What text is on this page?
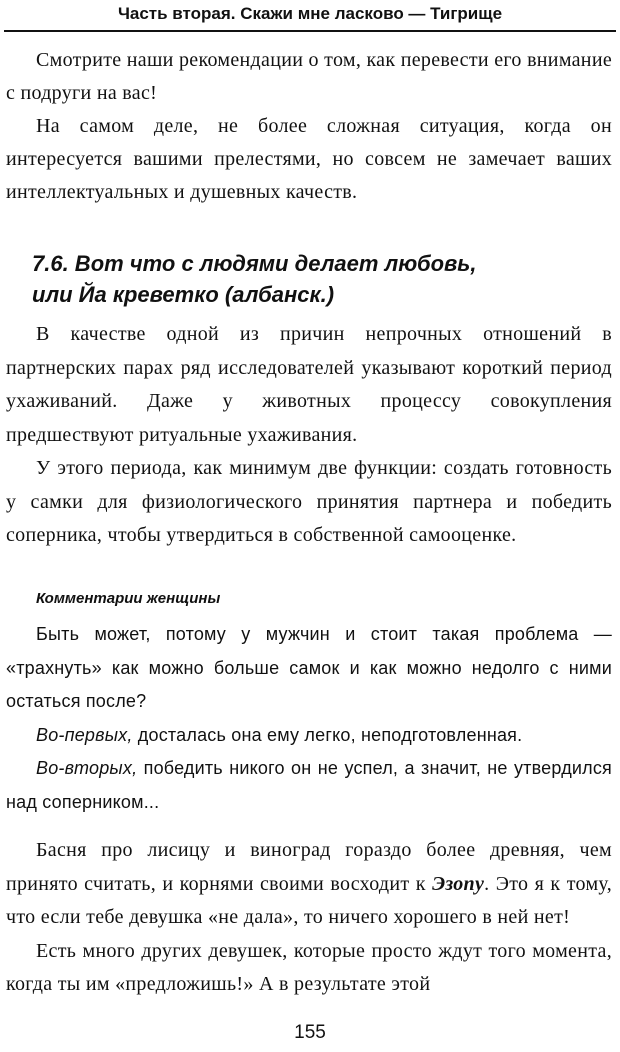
Часть вторая. Скажи мне ласково — Тигрище

Смотрите наши рекомендации о том, как перевести его внимание с подруги на вас!

На самом деле, не более сложная ситуация, когда он интересуется вашими прелестями, но совсем не замечает ваших интеллектуальных и душевных качеств.

7.6. Вот что с людями делает любовь,
или Йа креветко (албанск.)

В качестве одной из причин непрочных отношений в партнерских парах ряд исследователей указывают короткий период ухаживаний. Даже у животных процессу совокупления предшествуют ритуальные ухаживания.

У этого периода, как минимум две функции: создать готовность у самки для физиологического принятия партнера и победить соперника, чтобы утвердиться в собственной самооценке.

Комментарии женщины

Быть может, потому у мужчин и стоит такая проблема — «трахнуть» как можно больше самок и как можно недолго с ними остаться после?

Во-первых, досталась она ему легко, неподготовленная.

Во-вторых, победить никого он не успел, а значит, не утвердился над соперником...

Басня про лисицу и виноград гораздо более древняя, чем принято считать, и корнями своими восходит к Эзопу. Это я к тому, что если тебе девушка «не дала», то ничего хорошего в ней нет!

Есть много других девушек, которые просто ждут того момента, когда ты им «предложишь!» А в результате этой

155
